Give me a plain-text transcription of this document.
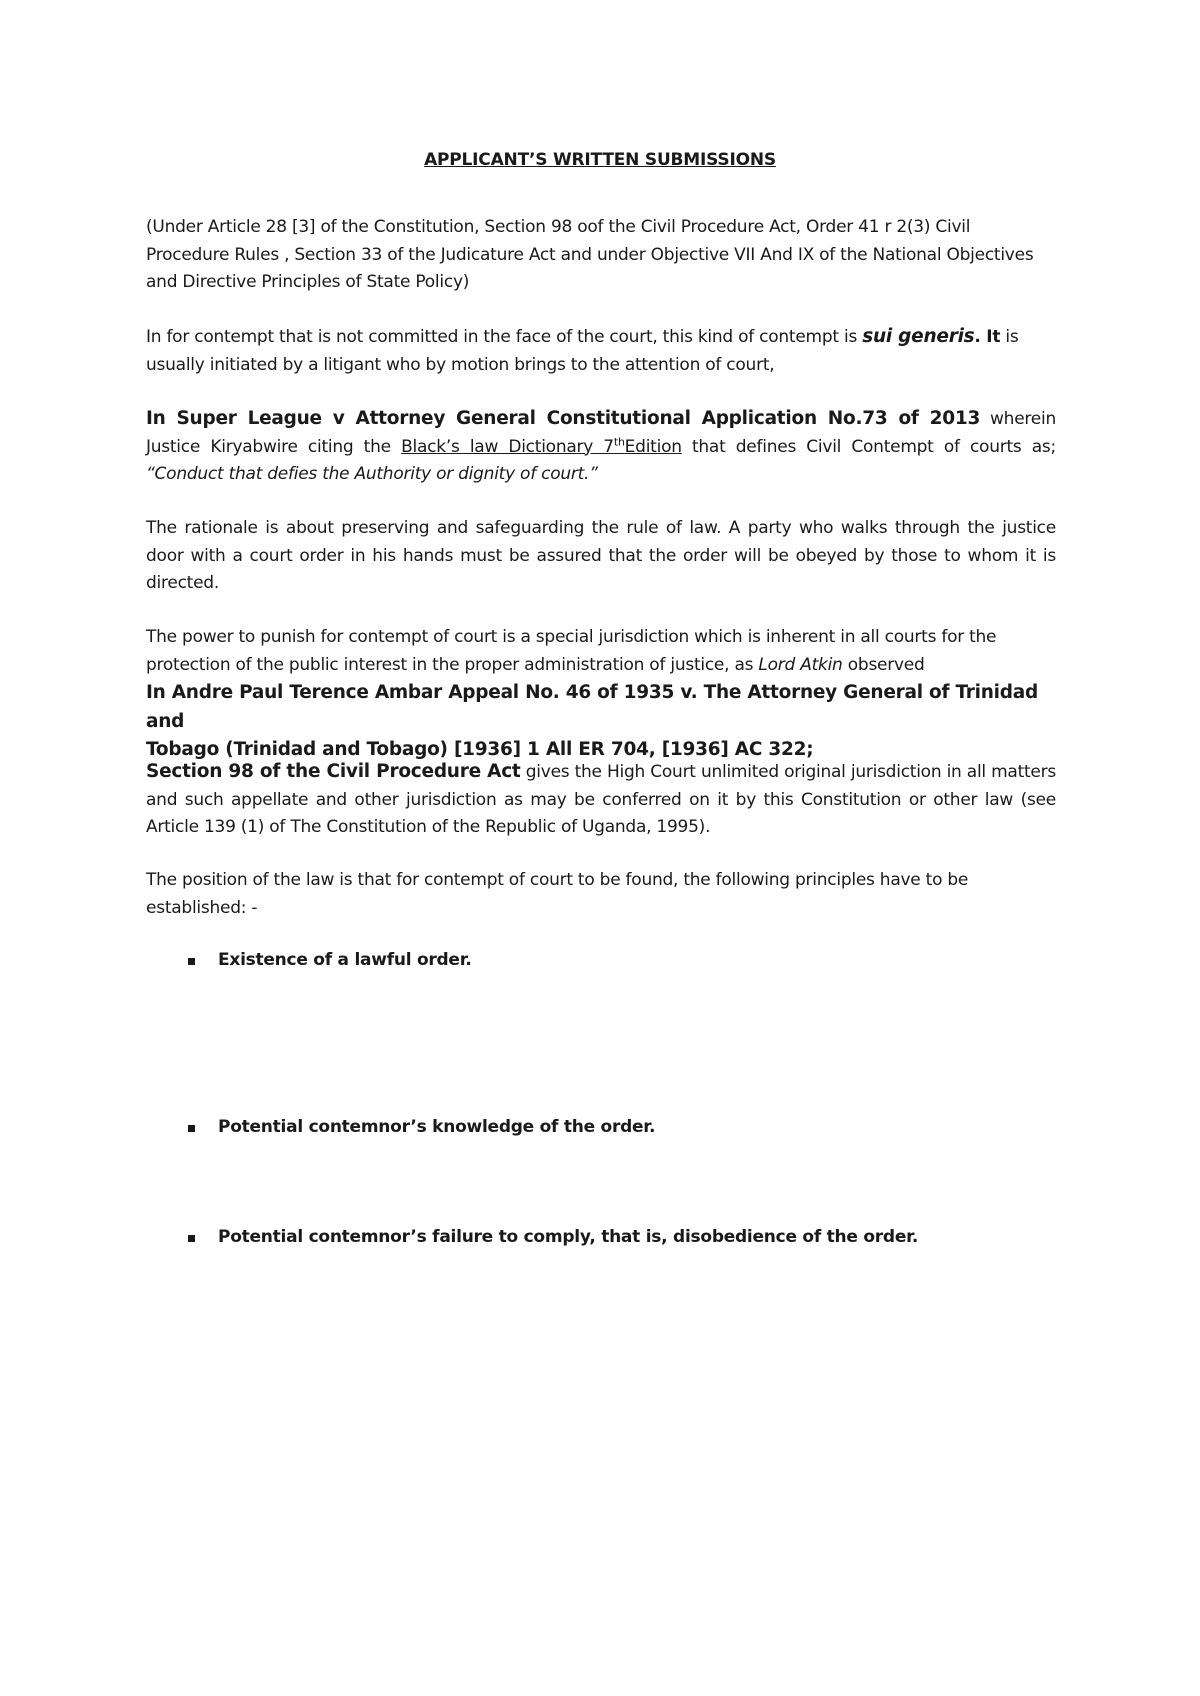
APPLICANT’S WRITTEN SUBMISSIONS
(Under Article 28 [3] of the Constitution, Section 98 oof the Civil Procedure Act, Order 41 r 2(3) Civil Procedure Rules , Section 33 of the Judicature Act and under Objective VII And IX of the National Objectives and Directive Principles of State Policy)
In for contempt that is not committed in the face of the court, this kind of contempt is sui generis. It is usually initiated by a litigant who by motion brings to the attention of court,
In Super League v Attorney General Constitutional Application No.73 of 2013 wherein Justice Kiryabwire citing the Black’s law Dictionary 7thEdition that defines Civil Contempt of courts as; “Conduct that defies the Authority or dignity of court.”
The rationale is about preserving and safeguarding the rule of law. A party who walks through the justice door with a court order in his hands must be assured that the order will be obeyed by those to whom it is directed.
The power to punish for contempt of court is a special jurisdiction which is inherent in all courts for the protection of the public interest in the proper administration of justice, as Lord Atkin observed
In Andre Paul Terence Ambar Appeal No. 46 of 1935 v. The Attorney General of Trinidad and
Tobago (Trinidad and Tobago) [1936] 1 All ER 704, [1936] AC 322;
Section 98 of the Civil Procedure Act gives the High Court unlimited original jurisdiction in all matters and such appellate and other jurisdiction as may be conferred on it by this Constitution or other law (see Article 139 (1) of The Constitution of the Republic of Uganda, 1995).
The position of the law is that for contempt of court to be found, the following principles have to be established: -
Existence of a lawful order.
Potential contemnor’s knowledge of the order.
Potential contemnor’s failure to comply, that is, disobedience of the order.
